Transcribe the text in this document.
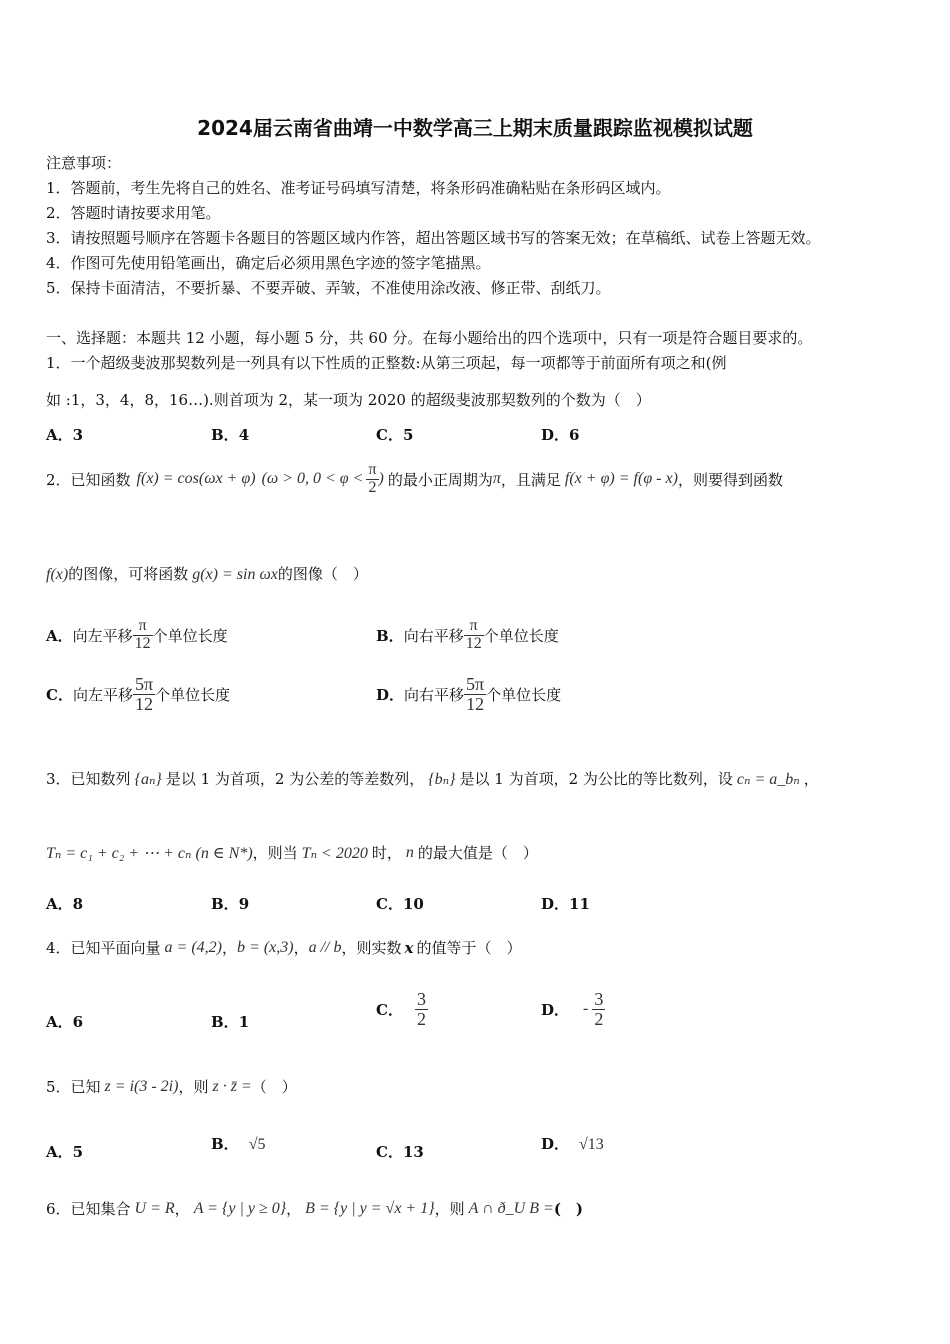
2024届云南省曲靖一中数学高三上期末质量跟踪监视模拟试题
注意事项：
1．答题前，考生先将自己的姓名、准考证号码填写清楚，将条形码准确粘贴在条形码区域内。
2．答题时请按要求用笔。
3．请按照题号顺序在答题卡各题目的答题区域内作答，超出答题区域书写的答案无效；在草稿纸、试卷上答题无效。
4．作图可先使用铅笔画出，确定后必须用黑色字迹的签字笔描黑。
5．保持卡面清洁，不要折暴、不要弄破、弄皱，不准使用涂改液、修正带、刮纸刀。
一、选择题：本题共 12 小题，每小题 5 分，共 60 分。在每小题给出的四个选项中，只有一项是符合题目要求的。
1．一个超级斐波那契数列是一列具有以下性质的正整数:从第三项起，每一项都等于前面所有项之和(例
如 :1，3，4，8，16…).则首项为 2，某一项为 2020 的超级斐波那契数列的个数为（　）
A．3	B．4	C．5	D．6
2．已知函数 f(x) = cos(ωx + φ) ( ω > 0, $0 < \varphi < \frac{\pi}{2}$ ) 的最小正周期为 π ，且满足 f(x + φ) = f(φ - x) ，则要得到函数
f(x)的图像，可将函数 g(x) = sin ωx的图像（　）
A． 向左平移 $\frac{\pi}{12}$ 个单位长度	B． 向右平移 $\frac{\pi}{12}$ 个单位长度
C． 向左平移 $\frac{5\pi}{12}$ 个单位长度	D． 向右平移 $\frac{5\pi}{12}$ 个单位长度
3．已知数列 {aₙ} 是以 1 为首项，2 为公差的等差数列， {bₙ} 是以 1 为首项，2 为公比的等比数列，设 cₙ = a_bₙ ，
Tₙ = c₁ + c₂ + ⋯ + cₙ (n ∈ N*) ，则当 Tₙ < 2020 时， n 的最大值是（　）
A．8	B．9	C．10	D．11
4．已知平面向量 a = (4,2) ， b = (x,3) ， a // b ，则实数 x 的值等于（　）
A．6	B．1
C． $\frac{3}{2}$	D． - $\frac{3}{2}$
5．已知 z = i(3 - 2i) ，则 z · z̄ = （　）
A．5	B． √5	C．13	D． √13
6．已知集合 U = R ， A = {y | y ≥ 0} ， B = {y | y = √x + 1} ，则 A ∩ ð_U B = (　)
